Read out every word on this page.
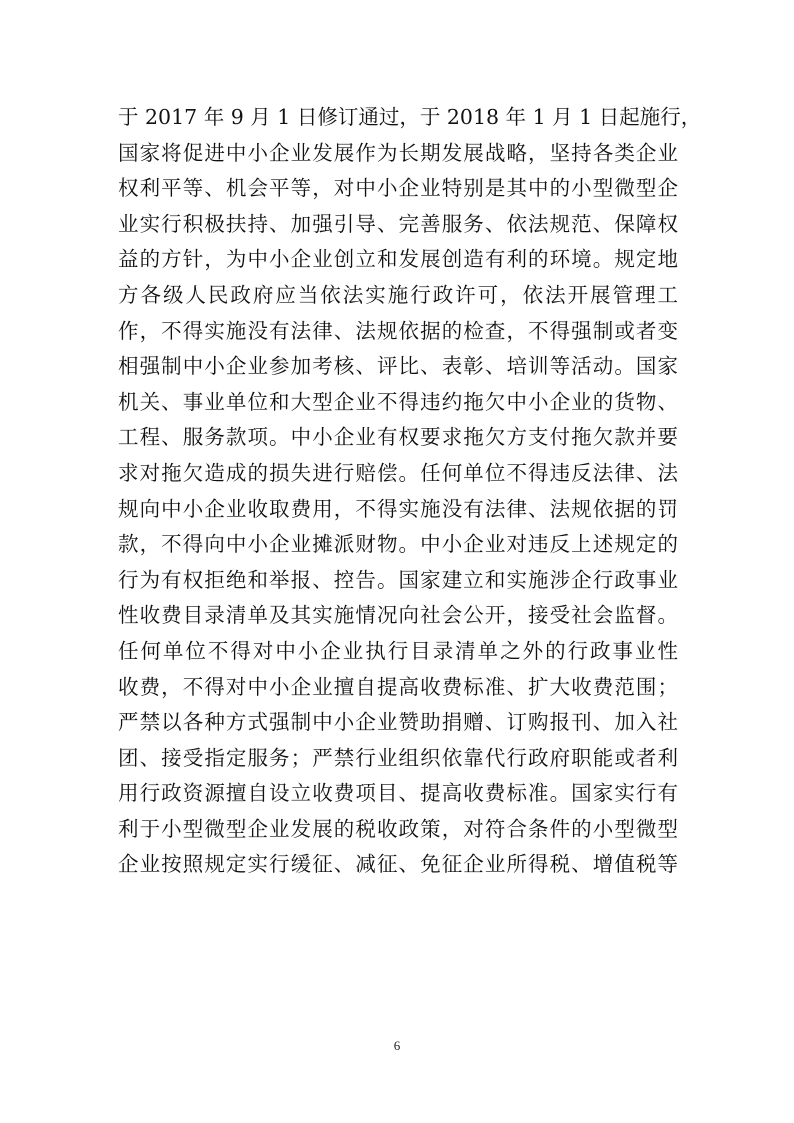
于 2017 年 9 月 1 日修订通过，于 2018 年 1 月 1 日起施行，
国家将促进中小企业发展作为长期发展战略，坚持各类企业
权利平等、机会平等，对中小企业特别是其中的小型微型企
业实行积极扶持、加强引导、完善服务、依法规范、保障权
益的方针，为中小企业创立和发展创造有利的环境。规定地
方各级人民政府应当依法实施行政许可，依法开展管理工
作，不得实施没有法律、法规依据的检查，不得强制或者变
相强制中小企业参加考核、评比、表彰、培训等活动。国家
机关、事业单位和大型企业不得违约拖欠中小企业的货物、
工程、服务款项。中小企业有权要求拖欠方支付拖欠款并要
求对拖欠造成的损失进行赔偿。任何单位不得违反法律、法
规向中小企业收取费用，不得实施没有法律、法规依据的罚
款，不得向中小企业摊派财物。中小企业对违反上述规定的
行为有权拒绝和举报、控告。国家建立和实施涉企行政事业
性收费目录清单及其实施情况向社会公开，接受社会监督。
任何单位不得对中小企业执行目录清单之外的行政事业性
收费，不得对中小企业擅自提高收费标准、扩大收费范围；
严禁以各种方式强制中小企业赞助捐赠、订购报刊、加入社
团、接受指定服务；严禁行业组织依靠代行政府职能或者利
用行政资源擅自设立收费项目、提高收费标准。国家实行有
利于小型微型企业发展的税收政策，对符合条件的小型微型
企业按照规定实行缓征、减征、免征企业所得税、增值税等
6
